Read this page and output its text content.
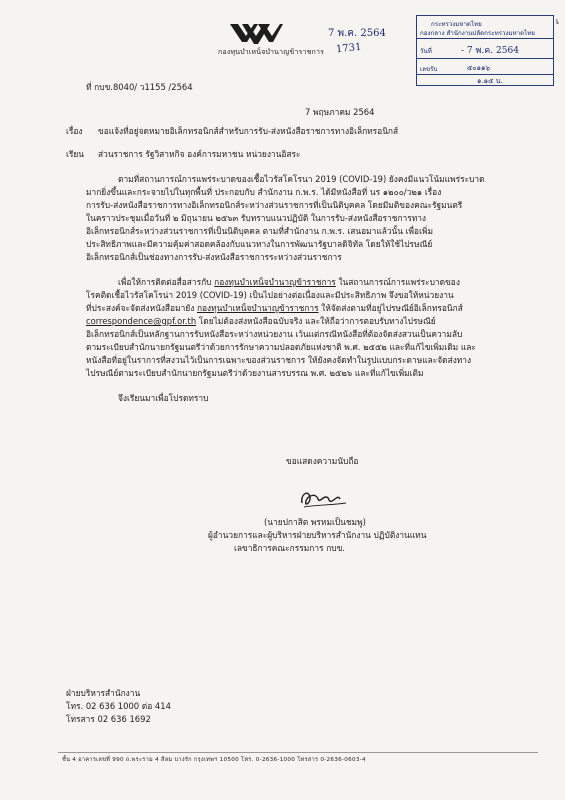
กองทุนบำเหน็จบำนาญข้าราชการ
7 พ.ค. 2564
1731
กระทรวงมหาดไทย
กองกลาง สำนักงานปลัดกระทรวงมหาดไทย
วันที่	- 7 พ.ค. 2564
เลขรับ	๕๐๑๑๖
๑.๑๕ น.
เ
ที่ กบข.8040/ ว1155 /2564
7 พฤษภาคม 2564
เรื่อง ขอแจ้งที่อยู่จดหมายอิเล็กทรอนิกส์สำหรับการรับ-ส่งหนังสือราชการทางอิเล็กทรอนิกส์
เรียน ส่วนราชการ รัฐวิสาหกิจ องค์การมหาชน หน่วยงานอิสระ
ตามที่สถานการณ์การแพร่ระบาดของเชื้อไวรัสโคโรนา 2019 (COVID-19) ยังคงมีแนวโน้มแพร่ระบาด
มากยิ่งขึ้นและกระจายไปในทุกพื้นที่ ประกอบกับ สำนักงาน ก.พ.ร. ได้มีหนังสือที่ นร ๑๒๐๐/ว๒๑ เรื่อง
การรับ-ส่งหนังสือราชการทางอิเล็กทรอนิกส์ระหว่างส่วนราชการที่เป็นนิติบุคคล โดยมีมติของคณะรัฐมนตรี
ในคราวประชุมเมื่อวันที่ ๒ มิถุนายน ๒๕๖๓ รับทราบแนวปฏิบัติ ในการรับ-ส่งหนังสือราชการทาง
อิเล็กทรอนิกส์ระหว่างส่วนราชการที่เป็นนิติบุคคล ตามที่สำนักงาน ก.พ.ร. เสนอมาแล้วนั้น เพื่อเพิ่ม
ประสิทธิภาพและมีความคุ้มค่าสอดคล้องกับแนวทางในการพัฒนารัฐบาลดิจิทัล โดยให้ใช้ไปรษณีย์
อิเล็กทรอนิกส์เป็นช่องทางการรับ-ส่งหนังสือราชการระหว่างส่วนราชการ
เพื่อให้การติดต่อสื่อสารกับ กองทุนบำเหน็จบำนาญข้าราชการ ในสถานการณ์การแพร่ระบาดของ
โรคติดเชื้อไวรัสโคโรน่า 2019 (COVID-19) เป็นไปอย่างต่อเนื่องและมีประสิทธิภาพ จึงขอให้หน่วยงาน
ที่ประสงค์จะจัดส่งหนังสือมายัง กองทุนบำเหน็จบำนาญข้าราชการ ให้จัดส่งตามที่อยู่ไปรษณีย์อิเล็กทรอนิกส์
correspondence@gpf.or.th โดยไม่ต้องส่งหนังสือฉบับจริง และให้ถือว่าการตอบรับทางไปรษณีย์
อิเล็กทรอนิกส์เป็นหลักฐานการรับหนังสือระหว่างหน่วยงาน เว้นแต่กรณีหนังสือที่ต้องจัดส่งสวนเป็นความลับ
ตามระเบียบสำนักนายกรัฐมนตรีว่าด้วยการรักษาความปลอดภัยแห่งชาติ พ.ศ. ๒๕๕๒ และที่แก้ไขเพิ่มเติม และ
หนังสือที่อยู่ในราการที่สงวนไว้เป็นการเฉพาะของส่วนราชการ ให้ยังคงจัดทำในรูปแบบกระดาษและจัดส่งทาง
ไปรษณีย์ตามระเบียบสำนักนายกรัฐมนตรีว่าด้วยงานสารบรรณ พ.ศ. ๒๕๒๖ และที่แก้ไขเพิ่มเติม
จึงเรียนมาเพื่อโปรดทราบ
ขอแสดงความนับถือ
(นายปกาสิต พรหมเป็นชมพู)
ผู้อำนวยการและผู้บริหารฝ่ายบริหารสำนักงาน ปฏิบัติงานแทน
เลขาธิการคณะกรรมการ กบข.
ฝ่ายบริหารสำนักงาน
โทร. 02 636 1000 ต่อ 414
โทรสาร 02 636 1692
ชั้น 4 อาคารเลขที่ 990 ถ.พระราม 4 สีลม บางรัก กรุงเทพฯ 10500 โทร. 0-2636-1000 โทรสาร 0-2636-0603-4
